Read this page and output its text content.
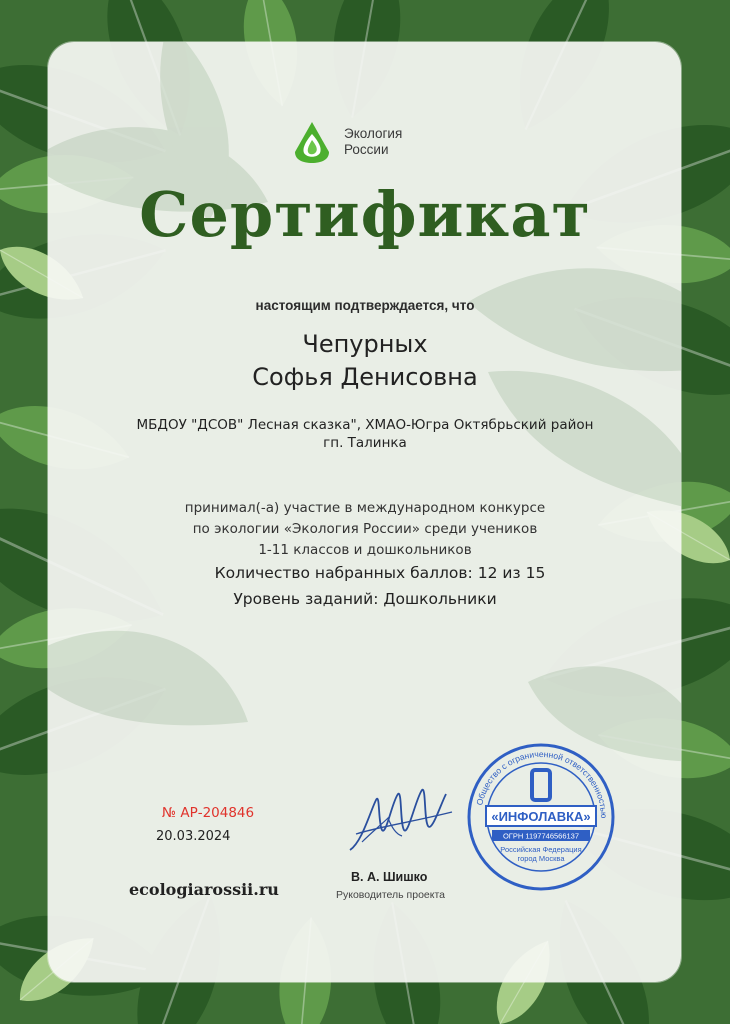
Экология
России
Сертификат
настоящим подтверждается, что
Чепурных
Софья Денисовна
МБДОУ "ДСОВ" Лесная сказка", ХМАО-Югра Октябрьский район гп. Талинка
принимал(-а) участие в международном конкурсе
по экологии «Экология России» среди учеников
1-11 классов и дошкольников
Количество набранных баллов: 12 из 15
Уровень заданий: Дошкольники
№ АР-204846
20.03.2024
ecologiarossii.ru
В. А. Шишко
Руководитель проекта
Общество с ограниченной ответственностью
«ИНФОЛАВКА»
ОГРН 1197746566137
Российская Федерация
город Москва
